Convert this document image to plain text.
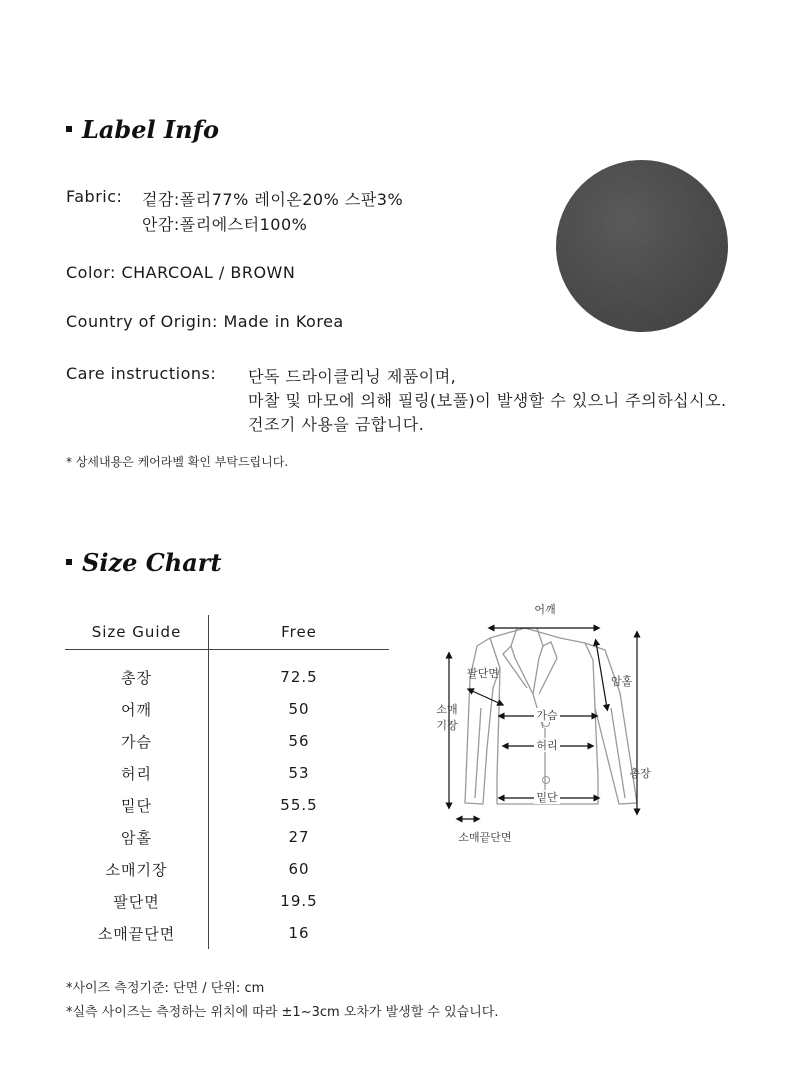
Label Info
Fabric: 겉감:폴리77% 레이온20% 스판3%
안감:폴리에스터100%
Color: CHARCOAL / BROWN
Country of Origin: Made in Korea
Care instructions: 단독 드라이클리닝 제품이며,
마찰 및 마모에 의해 필링(보풀)이 발생할 수 있으니 주의하십시오.
건조기 사용을 금합니다.
* 상세내용은 케어라벨 확인 부탁드립니다.
Size Chart
Size Guide	Free
총장	72.5
어깨	50
가슴	56
허리	53
밑단	55.5
암홀	27
소매기장	60
팔단면	19.5
소매끝단면	16
어깨
팔단면
암홀
소매
기장
가슴
허리
총장
밑단
소매끝단면
*사이즈 측정기준: 단면 / 단위: cm
*실측 사이즈는 측정하는 위치에 따라 ±1~3cm 오차가 발생할 수 있습니다.
